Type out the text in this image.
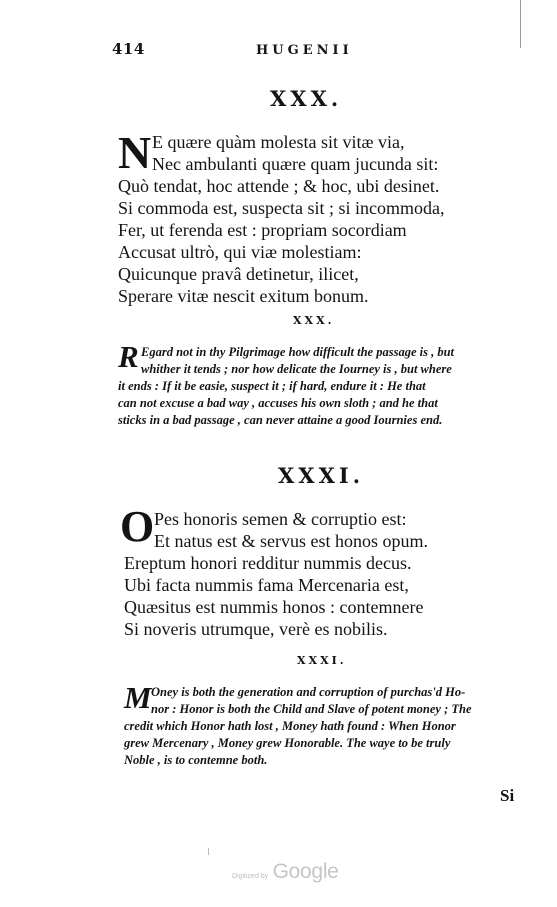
414	HUGENII
XXX.
N E quære quàm molesta sit vitæ via,
Nec ambulanti quære quam jucunda sit:
Quò tendat, hoc attende ; & hoc, ubi desinet.
Si commoda est, suspecta sit ; si incommoda,
Fer, ut ferenda est : propriam socordiam
Accusat ultrò, qui viæ molestiam:
Quicunque pravâ detinetur, ilicet,
Sperare vitæ nescit exitum bonum.
XXX.
R Egard not in thy Pilgrimage how difficult the passage is , but
whither it tends ; nor how delicate the Iourney is , but where
it ends : If it be easie, suspect it ; if hard, endure it : He that
can not excuse a bad way , accuses his own sloth ; and he that
sticks in a bad passage , can never attaine a good Iournies end.
XXXI.
O Pes honoris semen & corruptio est:
Et natus est & servus est honos opum.
Ereptum honori redditur nummis decus.
Ubi facta nummis fama Mercenaria est,
Quæsitus est nummis honos : contemnere
Si noveris utrumque, verè es nobilis.
XXXI.
M Oney is both the generation and corruption of purchas'd Ho-
nor : Honor is both the Child and Slave of potent money ; The
credit which Honor hath lost , Money hath found : When Honor
grew Mercenary , Money grew Honorable. The waye to be truly
Noble , is to contemne both.
Si
Digitized by Google
